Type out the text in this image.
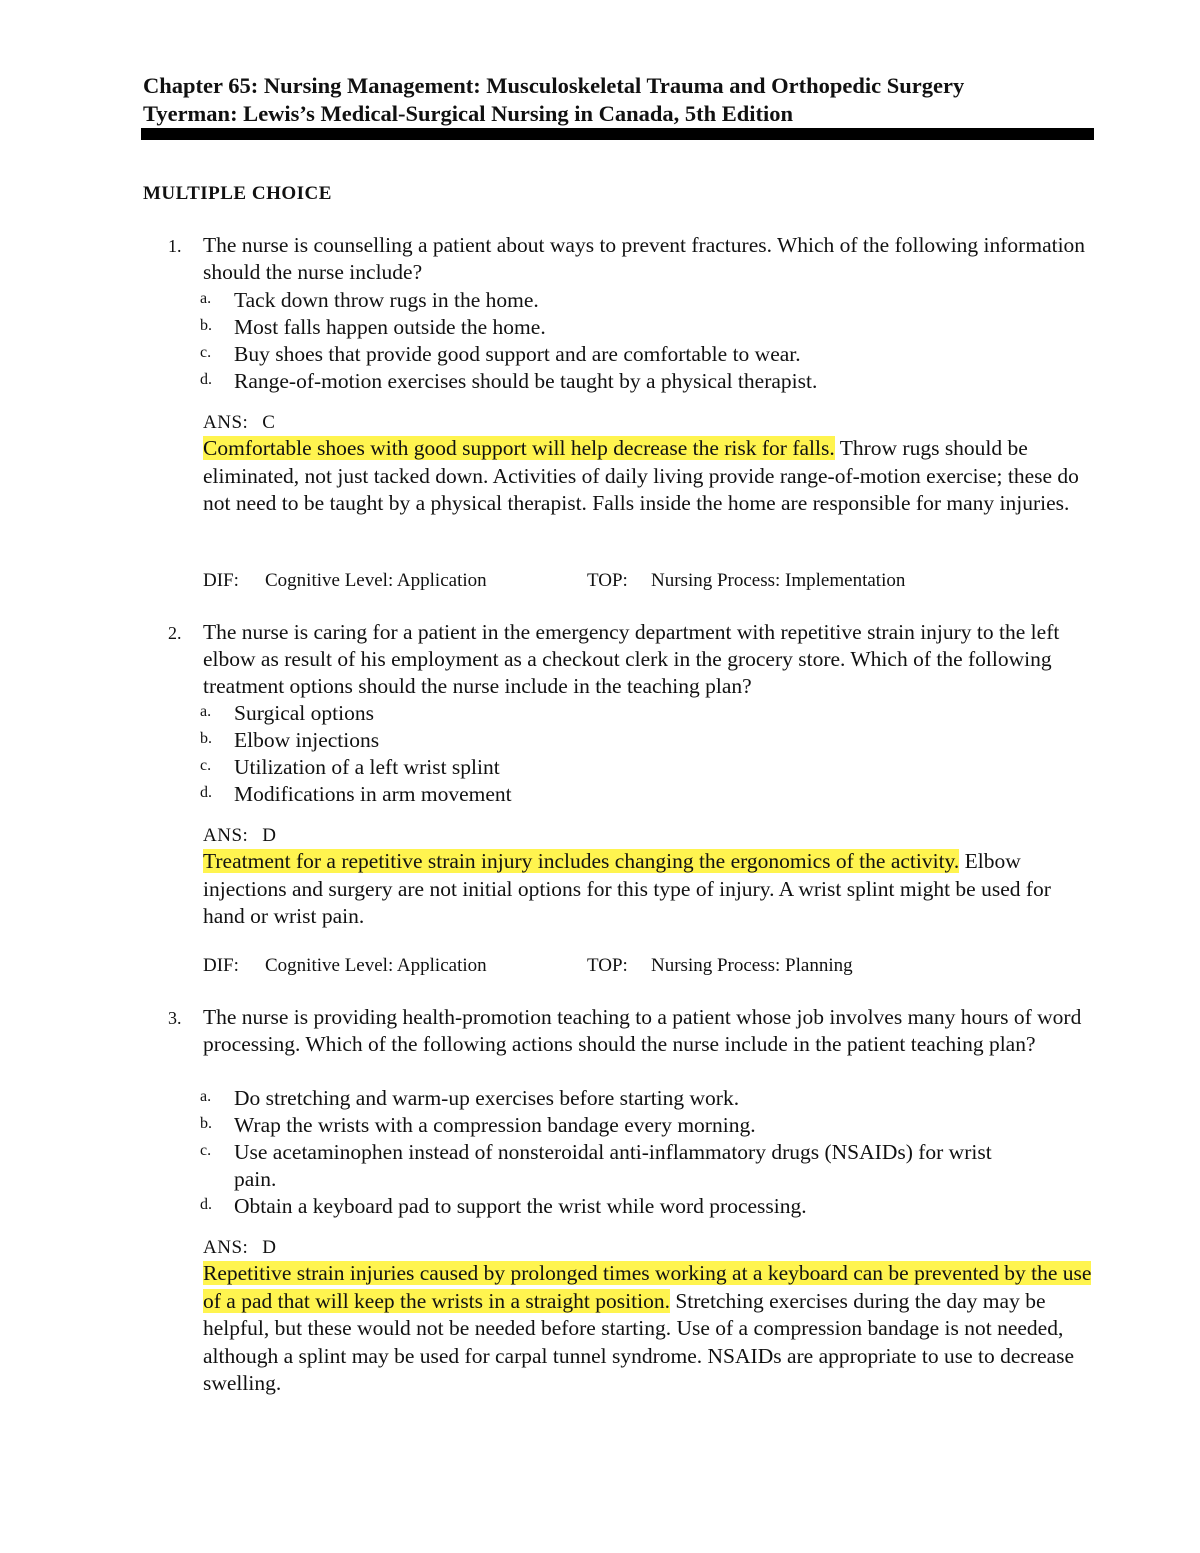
Chapter 65: Nursing Management: Musculoskeletal Trauma and Orthopedic Surgery
Tyerman: Lewis’s Medical-Surgical Nursing in Canada, 5th Edition
MULTIPLE CHOICE
1. The nurse is counselling a patient about ways to prevent fractures. Which of the following information should the nurse include?
a. Tack down throw rugs in the home.
b. Most falls happen outside the home.
c. Buy shoes that provide good support and are comfortable to wear.
d. Range-of-motion exercises should be taught by a physical therapist.
ANS: C
Comfortable shoes with good support will help decrease the risk for falls. Throw rugs should be eliminated, not just tacked down. Activities of daily living provide range-of-motion exercise; these do not need to be taught by a physical therapist. Falls inside the home are responsible for many injuries.
DIF: Cognitive Level: Application	TOP: Nursing Process: Implementation
2. The nurse is caring for a patient in the emergency department with repetitive strain injury to the left elbow as result of his employment as a checkout clerk in the grocery store. Which of the following treatment options should the nurse include in the teaching plan?
a. Surgical options
b. Elbow injections
c. Utilization of a left wrist splint
d. Modifications in arm movement
ANS: D
Treatment for a repetitive strain injury includes changing the ergonomics of the activity. Elbow injections and surgery are not initial options for this type of injury. A wrist splint might be used for hand or wrist pain.
DIF: Cognitive Level: Application	TOP: Nursing Process: Planning
3. The nurse is providing health-promotion teaching to a patient whose job involves many hours of word processing. Which of the following actions should the nurse include in the patient teaching plan?
a. Do stretching and warm-up exercises before starting work.
b. Wrap the wrists with a compression bandage every morning.
c. Use acetaminophen instead of nonsteroidal anti-inflammatory drugs (NSAIDs) for wrist pain.
d. Obtain a keyboard pad to support the wrist while word processing.
ANS: D
Repetitive strain injuries caused by prolonged times working at a keyboard can be prevented by the use of a pad that will keep the wrists in a straight position. Stretching exercises during the day may be helpful, but these would not be needed before starting. Use of a compression bandage is not needed, although a splint may be used for carpal tunnel syndrome. NSAIDs are appropriate to use to decrease swelling.
